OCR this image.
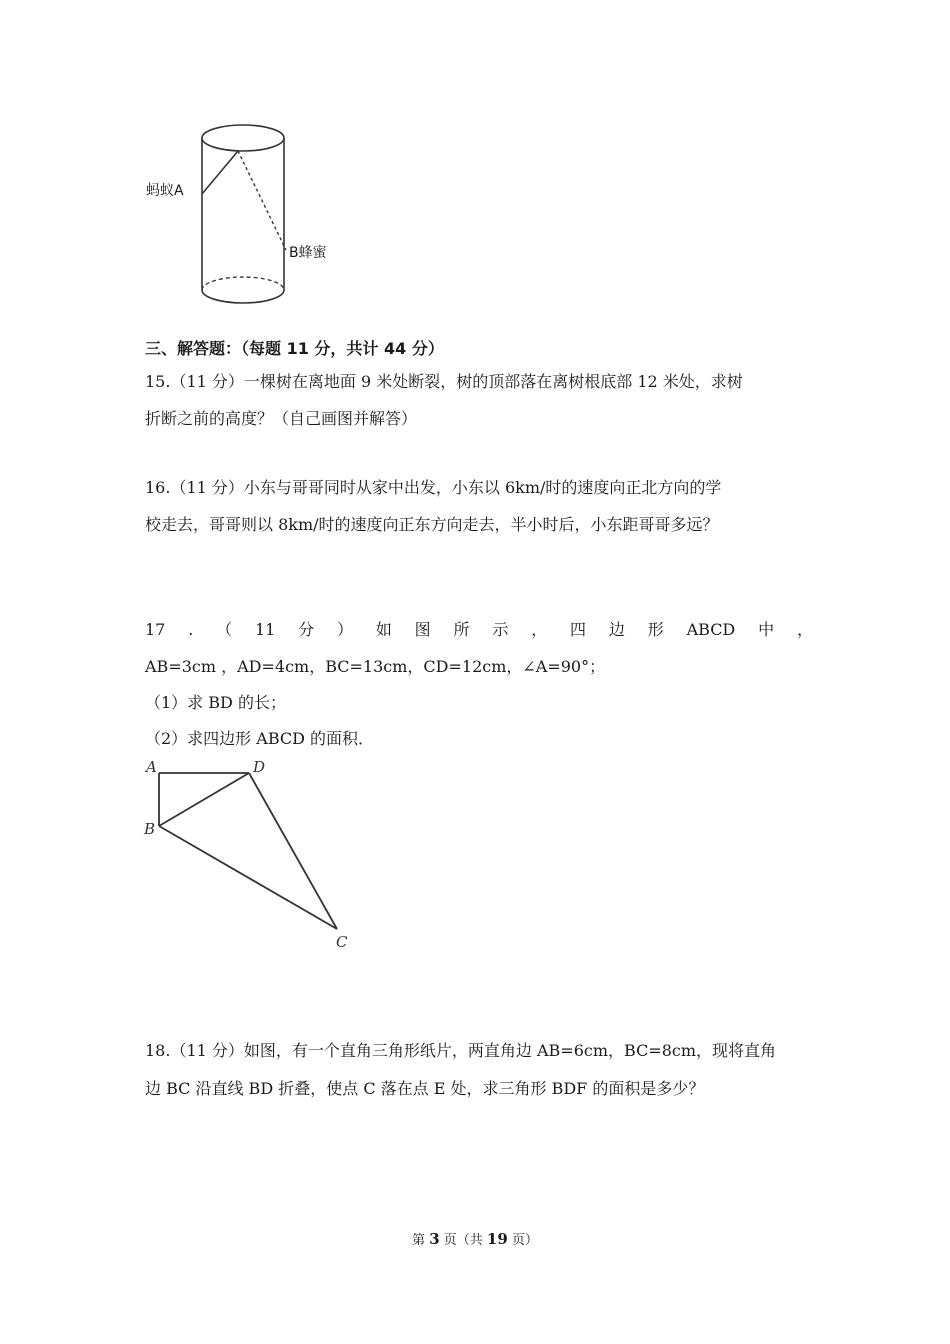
蚂蚁A
B蜂蜜
三、解答题：（每题 11 分，共计 44 分）
15.（11 分）一棵树在离地面 9 米处断裂，树的顶部落在离树根底部 12 米处，求树
折断之前的高度？（自己画图并解答）
16.（11 分）小东与哥哥同时从家中出发，小东以 6km/时的速度向正北方向的学
校走去，哥哥则以 8km/时的速度向正东方向走去，半小时后，小东距哥哥多远？
17 . （ 11 分 ） 如 图 所 示 ， 四 边 形 ABCD 中 ，
AB=3cm ，AD=4cm，BC=13cm，CD=12cm，∠A=90°；
（1）求 BD 的长；
（2）求四边形 ABCD 的面积．
A	D
B
C
18.（11 分）如图，有一个直角三角形纸片，两直角边 AB=6cm，BC=8cm，现将直角
边 BC 沿直线 BD 折叠，使点 C 落在点 E 处，求三角形 BDF 的面积是多少？
第 3 页（共 19 页）
